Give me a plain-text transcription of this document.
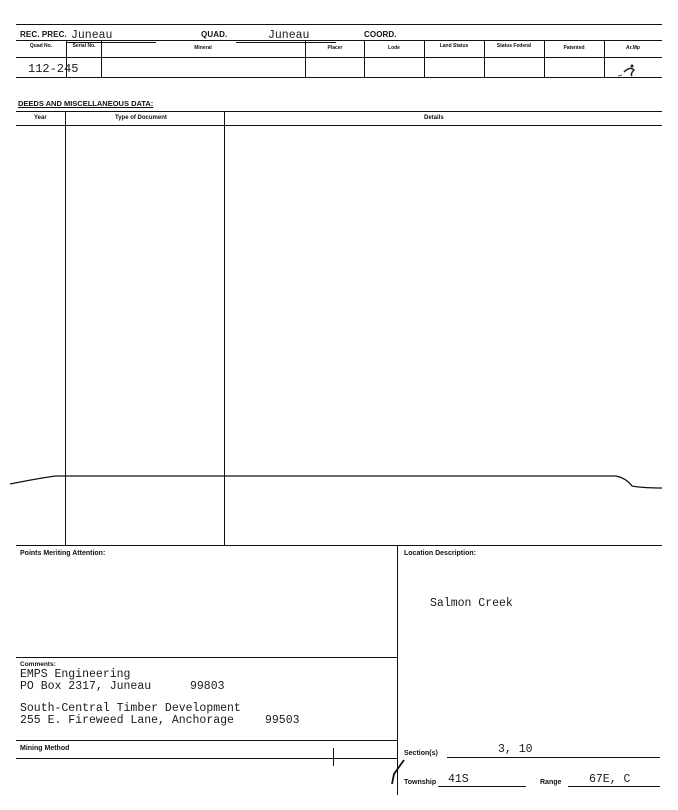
REC. PREC. Juneau	QUAD.	Juneau	COORD.
Quad No.	Serial No.	Mineral	Placer	Lode	Land Status	Status Federal	Patented	Ar.Mp
112-245
DEEDS AND MISCELLANEOUS DATA:
Year	Type of Document	Details
Points Meriting Attention:	Location Description:
Salmon Creek
Comments:
EMPS Engineering
PO Box 2317, Juneau	99803
South-Central Timber Development
255 E. Fireweed Lane, Anchorage	99503
Mining Method
Section(s)	3, 10
Township 41S	Range 67E, C
